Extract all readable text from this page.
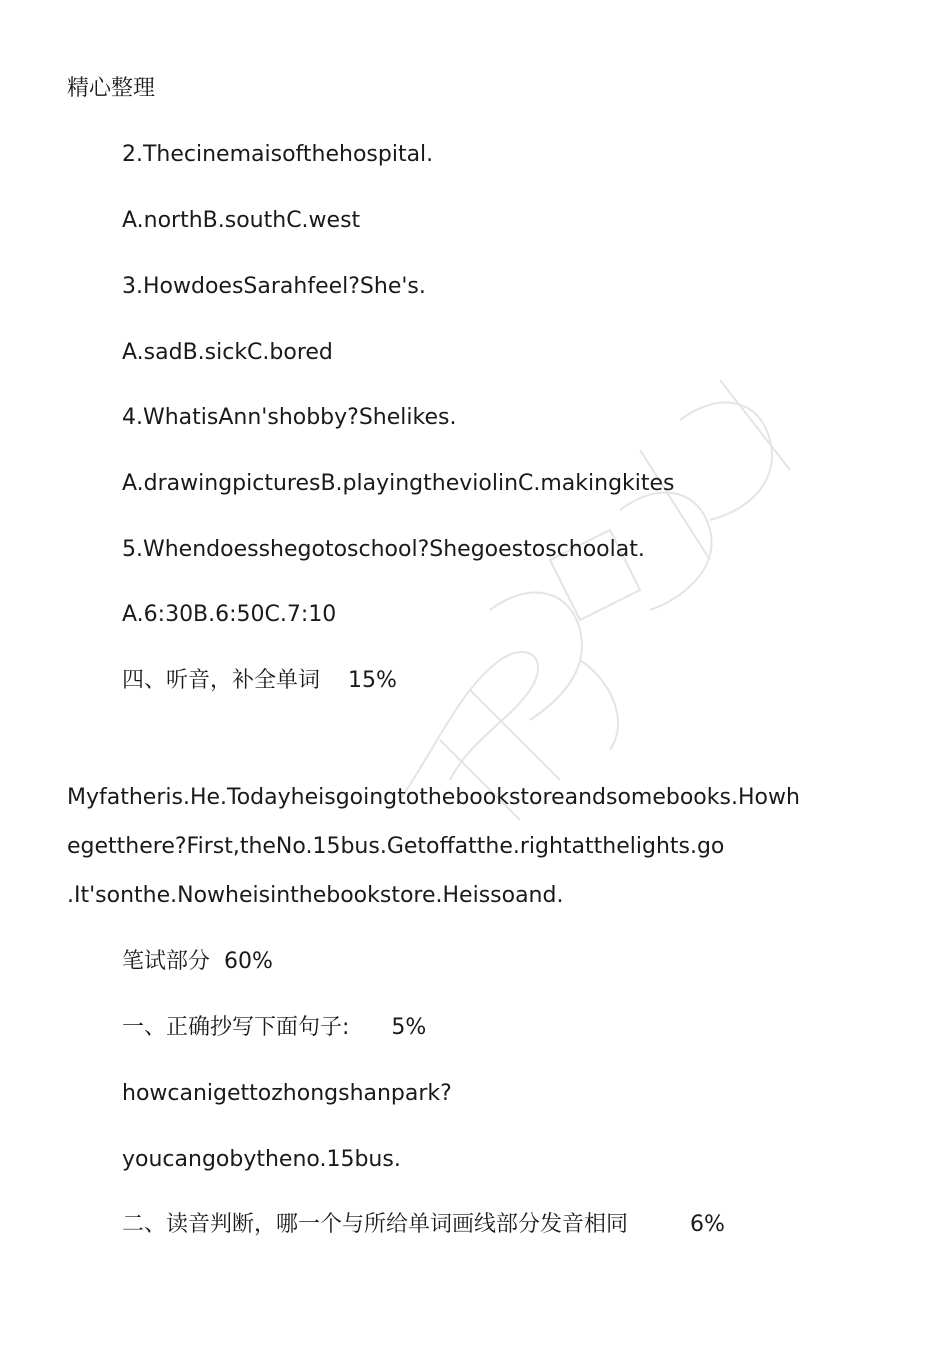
精心整理
2.Thecinemaisofthehospital.
A.northB.southC.west
3.HowdoesSarahfeel?She's.
A.sadB.sickC.bored
4.WhatisAnn'shobby?Shelikes.
A.drawingpicturesB.playingtheviolinC.makingkites
5.Whendoesshegotoschool?Shegoestoschoolat.
A.6:30B.6:50C.7:10
四、听音，补全单词 15%
Myfatheris.He.Todayheisgoingtothebookstoreandsomebooks.Howh
egetthere?First,theNo.15bus.Getoffatthe.rightatthelights.go
.It'sonthe.Nowheisinthebookstore.Heissoand.
笔试部分 60%
一、正确抄写下面句子: 5%
howcanigettozhongshanpark?
youcangobytheno.15bus.
二、读音判断，哪一个与所给单词画线部分发音相同	6%
